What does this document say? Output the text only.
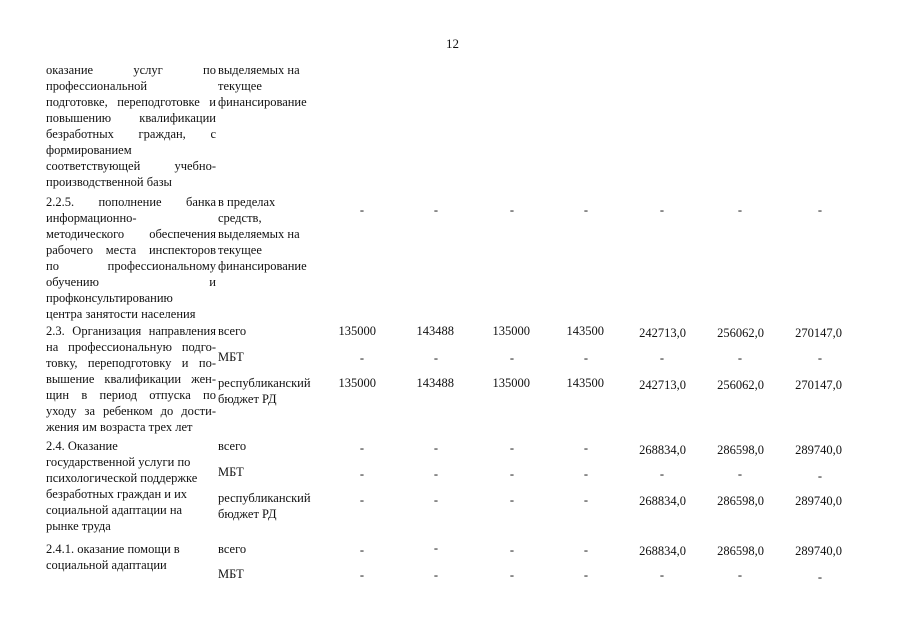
12
оказание услуг по
профессиональной
подготовке, переподготовке и
повышению квалификации
безработных граждан, с
формированием
соответствующей учебно-
производственной базы
выделяемых на
текущее
финансирование
2.2.5. пополнение банка
информационно-
методического обеспечения
рабочего места инспекторов
по профессиональному
обучению и
профконсультированию
центра занятости населения
в пределах
средств,
выделяемых на
текущее
финансирование
-	-	-	-	-	-	-
2.3. Организация направления
на профессиональную подго-
товку, переподготовку и по-
вышение квалификации жен-
щин в период отпуска по
уходу за ребенком до дости-
жения им возраста трех лет
всего	135000	143488	135000	143500	242713,0	256062,0	270147,0
МБТ	-	-	-	-	-	-	-
республиканский
бюджет РД
135000	143488	135000	143500	242713,0	256062,0	270147,0
2.4. Оказание
государственной услуги по
психологической поддержке
безработных граждан и их
социальной адаптации на
рынке труда
всего	-	-	-	-	268834,0	286598,0	289740,0
МБТ	-	-	-	-	-	-	-
республиканский
бюджет РД
-	-	-	-	268834,0	286598,0	289740,0
2.4.1. оказание помощи в
социальной адаптации
всего	-	-	-	-	268834,0	286598,0	289740,0
МБТ	-	-	-	-	-	-	-
